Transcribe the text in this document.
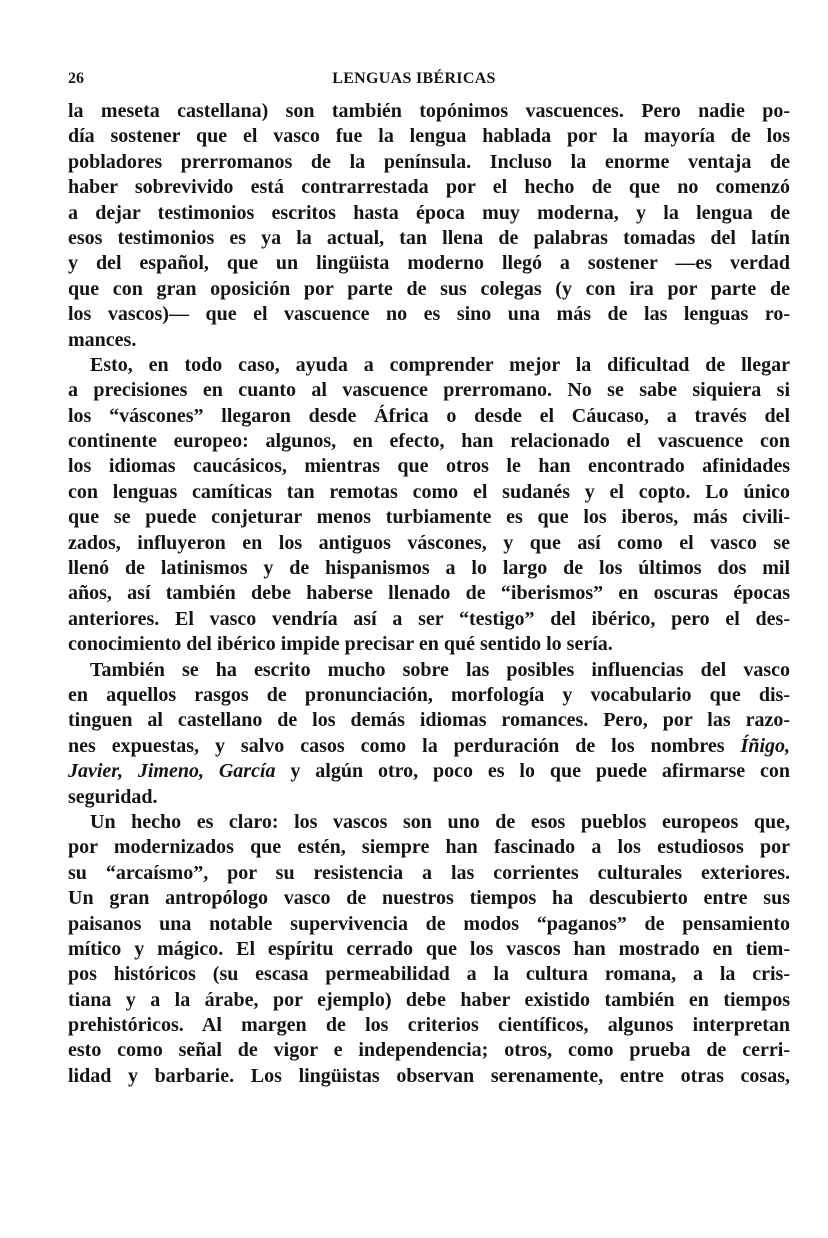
26	LENGUAS IBÉRICAS
la meseta castellana) son también topónimos vascuences. Pero nadie po-
día sostener que el vasco fue la lengua hablada por la mayoría de los
pobladores prerromanos de la península. Incluso la enorme ventaja de
haber sobrevivido está contrarrestada por el hecho de que no comenzó
a dejar testimonios escritos hasta época muy moderna, y la lengua de
esos testimonios es ya la actual, tan llena de palabras tomadas del latín
y del español, que un lingüista moderno llegó a sostener —es verdad
que con gran oposición por parte de sus colegas (y con ira por parte de
los vascos)— que el vascuence no es sino una más de las lenguas ro-
mances.
Esto, en todo caso, ayuda a comprender mejor la dificultad de llegar
a precisiones en cuanto al vascuence prerromano. No se sabe siquiera si
los “váscones” llegaron desde África o desde el Cáucaso, a través del
continente europeo: algunos, en efecto, han relacionado el vascuence con
los idiomas caucásicos, mientras que otros le han encontrado afinidades
con lenguas camíticas tan remotas como el sudanés y el copto. Lo único
que se puede conjeturar menos turbiamente es que los iberos, más civili-
zados, influyeron en los antiguos váscones, y que así como el vasco se
llenó de latinismos y de hispanismos a lo largo de los últimos dos mil
años, así también debe haberse llenado de “iberismos” en oscuras épocas
anteriores. El vasco vendría así a ser “testigo” del ibérico, pero el des-
conocimiento del ibérico impide precisar en qué sentido lo sería.
También se ha escrito mucho sobre las posibles influencias del vasco
en aquellos rasgos de pronunciación, morfología y vocabulario que dis-
tinguen al castellano de los demás idiomas romances. Pero, por las razo-
nes expuestas, y salvo casos como la perduración de los nombres Íñigo,
Javier, Jimeno, García y algún otro, poco es lo que puede afirmarse con
seguridad.
Un hecho es claro: los vascos son uno de esos pueblos europeos que,
por modernizados que estén, siempre han fascinado a los estudiosos por
su “arcaísmo”, por su resistencia a las corrientes culturales exteriores.
Un gran antropólogo vasco de nuestros tiempos ha descubierto entre sus
paisanos una notable supervivencia de modos “paganos” de pensamiento
mítico y mágico. El espíritu cerrado que los vascos han mostrado en tiem-
pos históricos (su escasa permeabilidad a la cultura romana, a la cris-
tiana y a la árabe, por ejemplo) debe haber existido también en tiempos
prehistóricos. Al margen de los criterios científicos, algunos interpretan
esto como señal de vigor e independencia; otros, como prueba de cerri-
lidad y barbarie. Los lingüistas observan serenamente, entre otras cosas,
